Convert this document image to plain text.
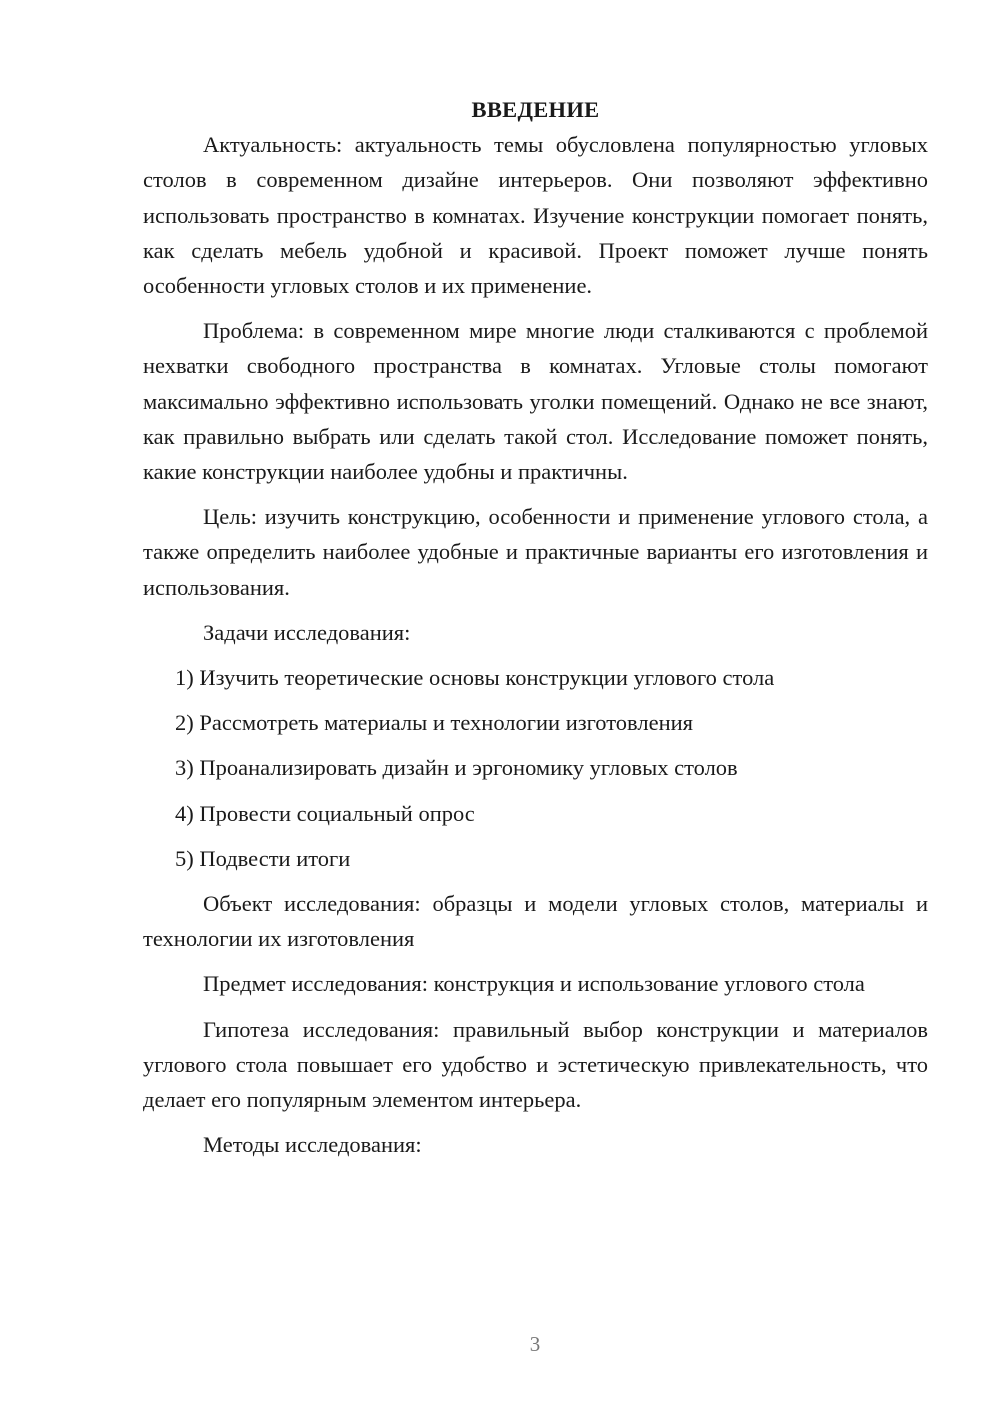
ВВЕДЕНИЕ

Актуальность: актуальность темы обусловлена популярностью угловых столов в современном дизайне интерьеров. Они позволяют эффективно использовать пространство в комнатах. Изучение конструкции помогает понять, как сделать мебель удобной и красивой. Проект поможет лучше понять особенности угловых столов и их применение.

Проблема: в современном мире многие люди сталкиваются с проблемой нехватки свободного пространства в комнатах. Угловые столы помогают максимально эффективно использовать уголки помещений. Однако не все знают, как правильно выбрать или сделать такой стол. Исследование поможет понять, какие конструкции наиболее удобны и практичны.

Цель: изучить конструкцию, особенности и применение углового стола, а также определить наиболее удобные и практичные варианты его изготовления и использования.

Задачи исследования:

1) Изучить теоретические основы конструкции углового стола
2) Рассмотреть материалы и технологии изготовления
3) Проанализировать дизайн и эргономику угловых столов
4) Провести социальный опрос
5) Подвести итоги

Объект исследования: образцы и модели угловых столов, материалы и технологии их изготовления

Предмет исследования: конструкция и использование углового стола

Гипотеза исследования: правильный выбор конструкции и материалов углового стола повышает его удобство и эстетическую привлекательность, что делает его популярным элементом интерьера.

Методы исследования:

3
